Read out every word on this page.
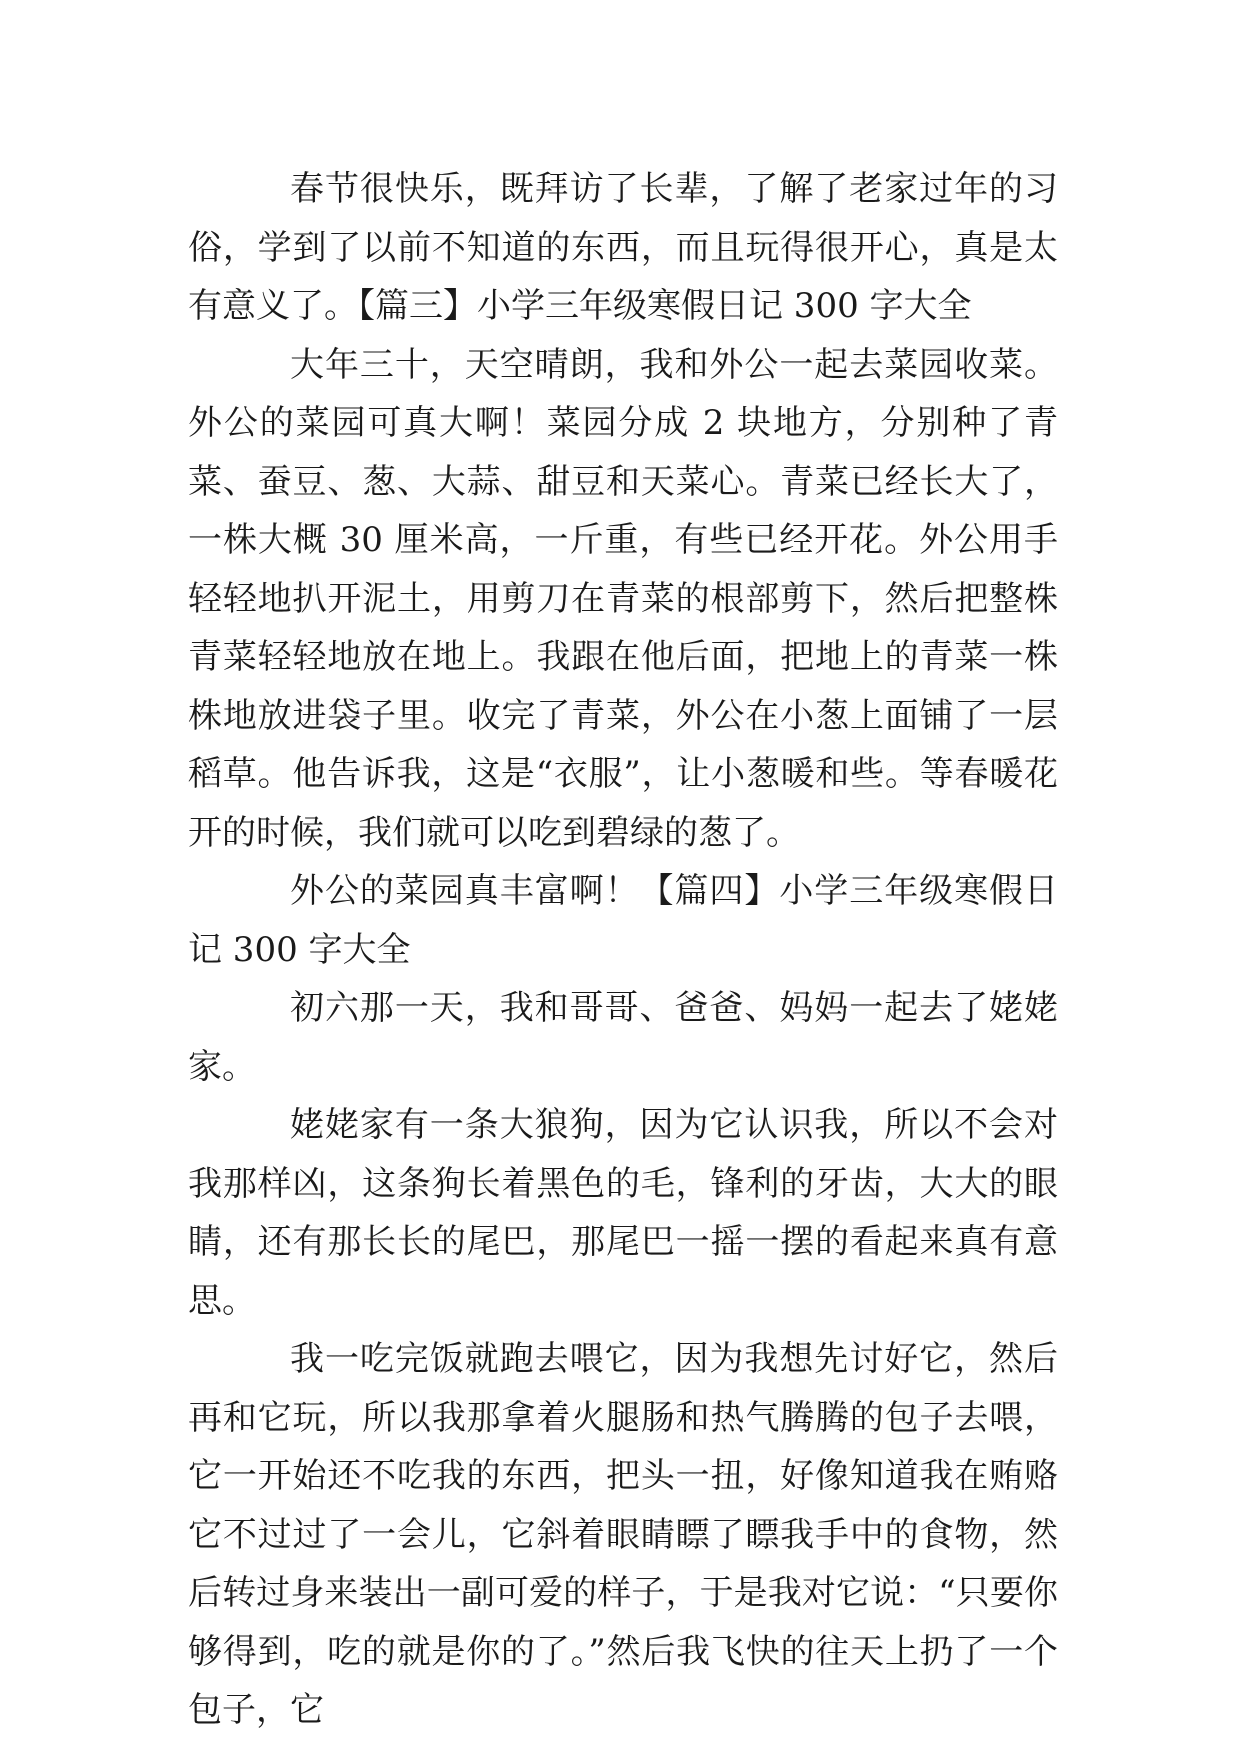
春节很快乐，既拜访了长辈，了解了老家过年的习俗，学到了以前不知道的东西，而且玩得很开心，真是太有意义了。【篇三】小学三年级寒假日记 300 字大全

大年三十，天空晴朗，我和外公一起去菜园收菜。外公的菜园可真大啊！菜园分成 2 块地方，分别种了青菜、蚕豆、葱、大蒜、甜豆和天菜心。青菜已经长大了，一株大概 30 厘米高，一斤重，有些已经开花。外公用手轻轻地扒开泥土，用剪刀在青菜的根部剪下，然后把整株青菜轻轻地放在地上。我跟在他后面，把地上的青菜一株株地放进袋子里。收完了青菜，外公在小葱上面铺了一层稻草。他告诉我，这是“衣服”，让小葱暖和些。等春暖花开的时候，我们就可以吃到碧绿的葱了。

外公的菜园真丰富啊！【篇四】小学三年级寒假日记 300 字大全

初六那一天，我和哥哥、爸爸、妈妈一起去了姥姥家。

姥姥家有一条大狼狗，因为它认识我，所以不会对我那样凶，这条狗长着黑色的毛，锋利的牙齿，大大的眼睛，还有那长长的尾巴，那尾巴一摇一摆的看起来真有意思。

我一吃完饭就跑去喂它，因为我想先讨好它，然后再和它玩，所以我那拿着火腿肠和热气腾腾的包子去喂，它一开始还不吃我的东西，把头一扭，好像知道我在贿赂它不过过了一会儿，它斜着眼睛瞟了瞟我手中的食物，然后转过身来装出一副可爱的样子，于是我对它说：“只要你够得到，吃的就是你的了。”然后我飞快的往天上扔了一个包子，它
